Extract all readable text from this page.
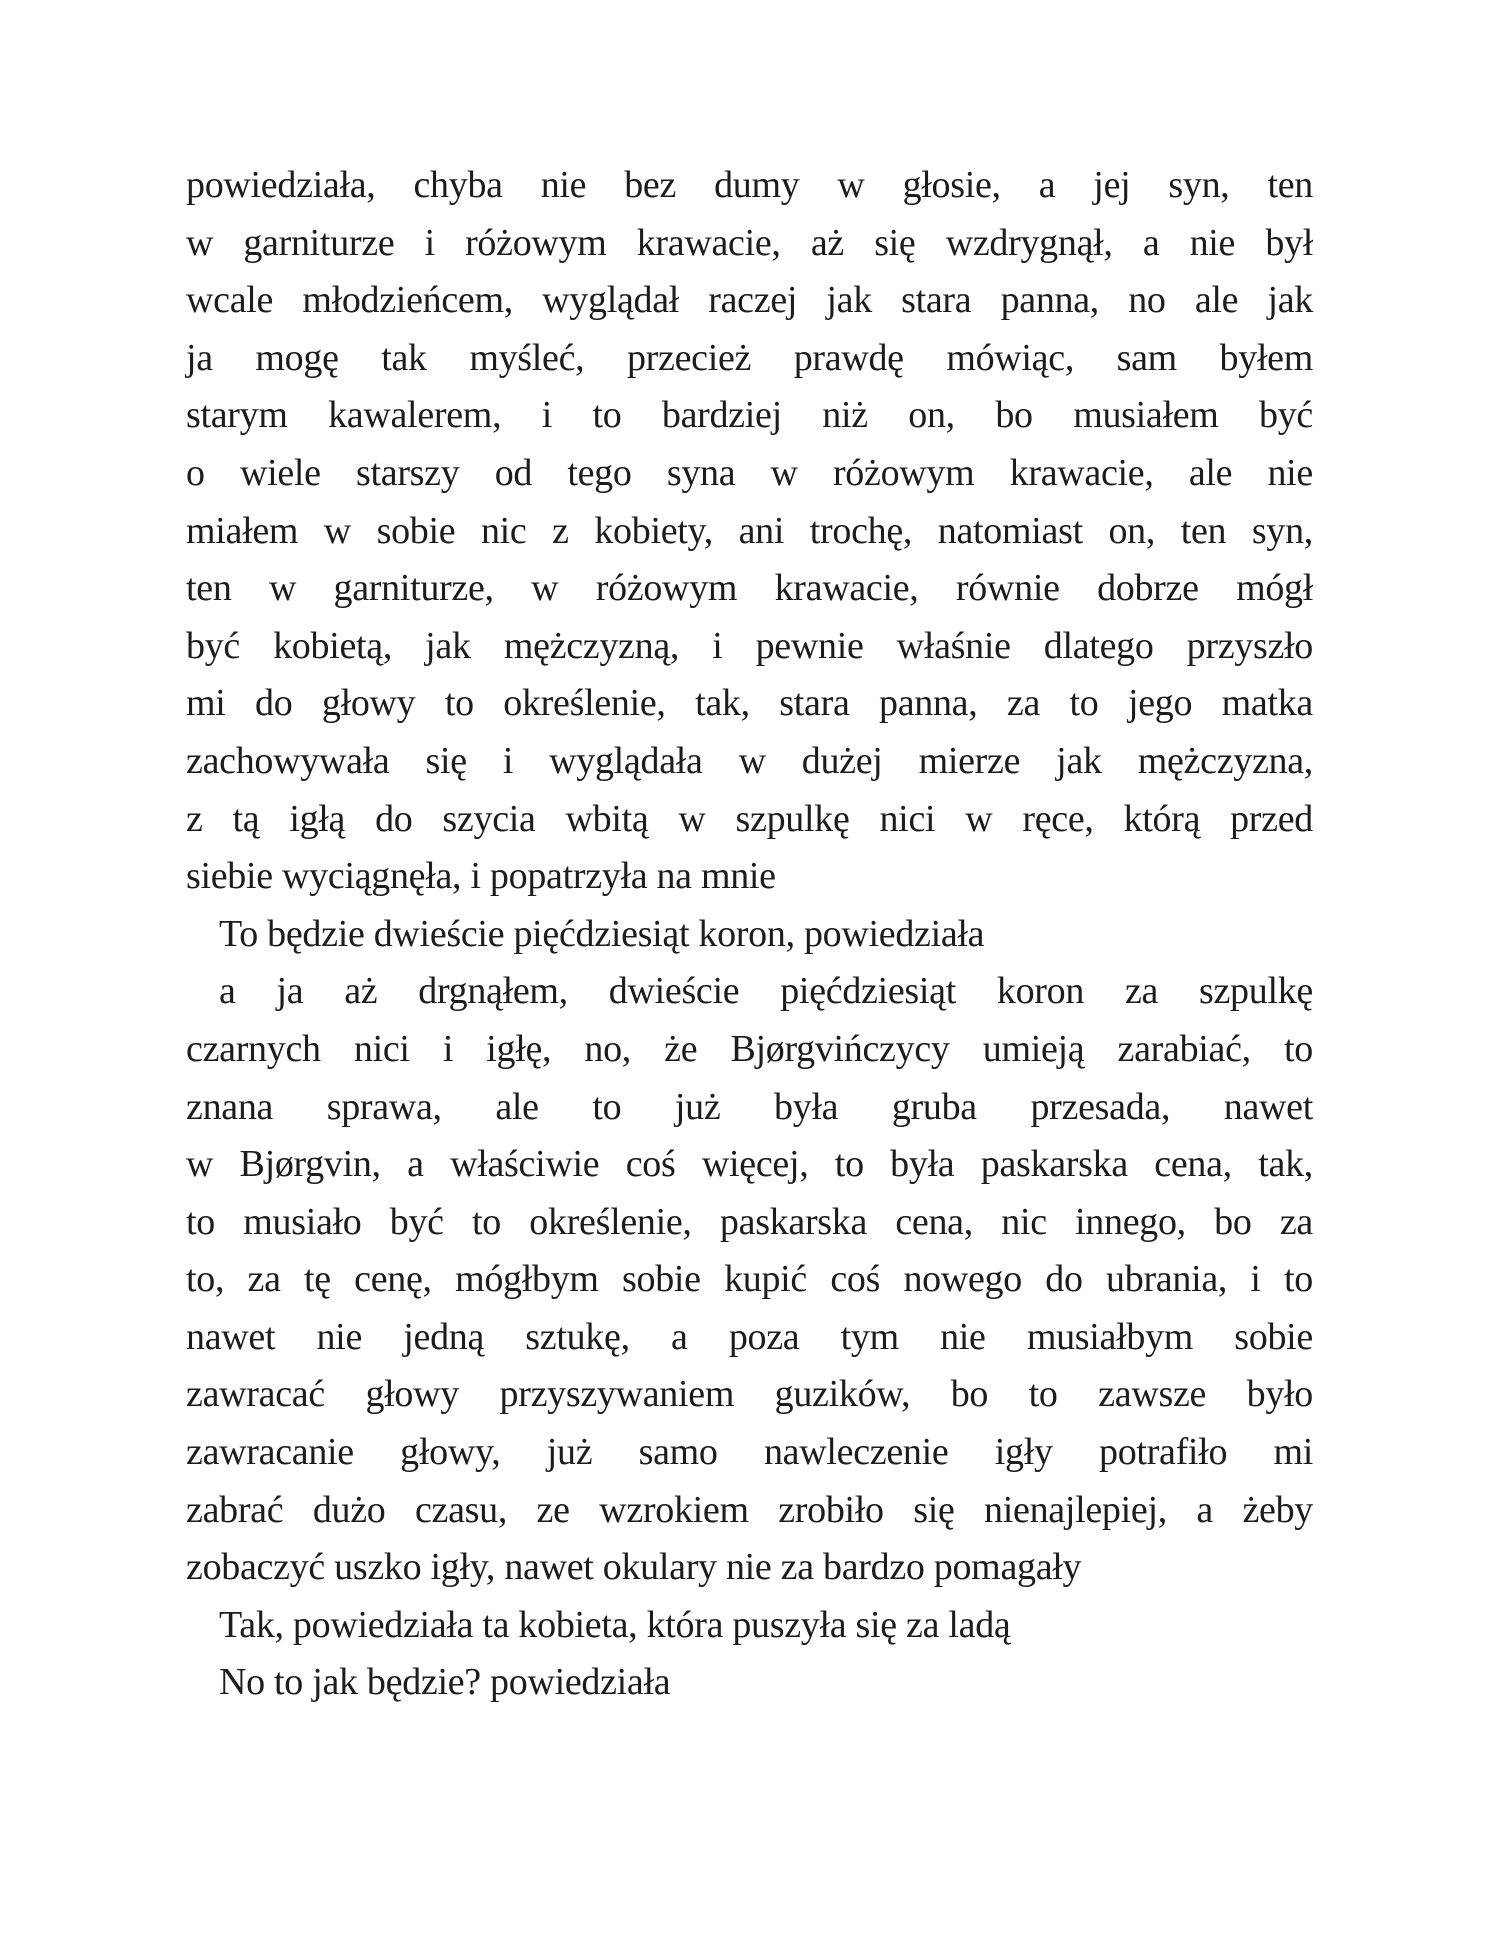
powiedziała, chyba nie bez dumy w głosie, a jej syn, ten
w garniturze i różowym krawacie, aż się wzdrygnął, a nie był
wcale młodzieńcem, wyglądał raczej jak stara panna, no ale jak
ja mogę tak myśleć, przecież prawdę mówiąc, sam byłem
starym kawalerem, i to bardziej niż on, bo musiałem być
o wiele starszy od tego syna w różowym krawacie, ale nie
miałem w sobie nic z kobiety, ani trochę, natomiast on, ten syn,
ten w garniturze, w różowym krawacie, równie dobrze mógł
być kobietą, jak mężczyzną, i pewnie właśnie dlatego przyszło
mi do głowy to określenie, tak, stara panna, za to jego matka
zachowywała się i wyglądała w dużej mierze jak mężczyzna,
z tą igłą do szycia wbitą w szpulkę nici w ręce, którą przed
siebie wyciągnęła, i popatrzyła na mnie
To będzie dwieście pięćdziesiąt koron, powiedziała
a ja aż drgnąłem, dwieście pięćdziesiąt koron za szpulkę
czarnych nici i igłę, no, że Bjørgvińczycy umieją zarabiać, to
znana sprawa, ale to już była gruba przesada, nawet
w Bjørgvin, a właściwie coś więcej, to była paskarska cena, tak,
to musiało być to określenie, paskarska cena, nic innego, bo za
to, za tę cenę, mógłbym sobie kupić coś nowego do ubrania, i to
nawet nie jedną sztukę, a poza tym nie musiałbym sobie
zawracać głowy przyszywaniem guzików, bo to zawsze było
zawracanie głowy, już samo nawleczenie igły potrafiło mi
zabrać dużo czasu, ze wzrokiem zrobiło się nienajlepiej, a żeby
zobaczyć uszko igły, nawet okulary nie za bardzo pomagały
Tak, powiedziała ta kobieta, która puszyła się za ladą
No to jak będzie? powiedziała
